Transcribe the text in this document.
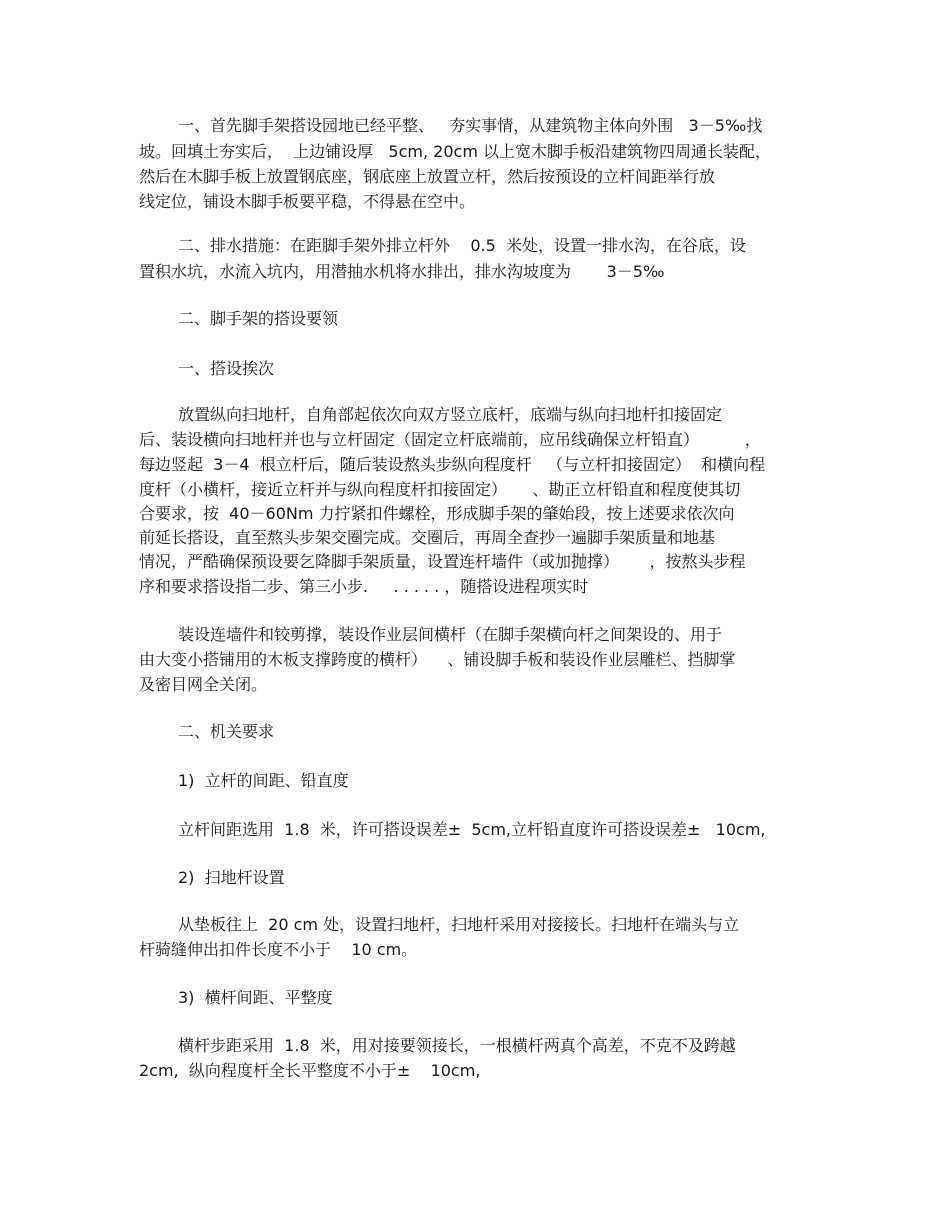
一、首先脚手架搭设园地已经平整、   夯实事情，从建筑物主体向外围   3－5‰找
坡。回填土夯实后，  上边铺设厚   5cm, 20cm 以上宽木脚手板沿建筑物四周通长装配，
然后在木脚手板上放置钢底座，钢底座上放置立杆，然后按预设的立杆间距举行放
线定位，铺设木脚手板要平稳，不得悬在空中。
二、排水措施：在距脚手架外排立杆外    0.5  米处，设置一排水沟，在谷底，设
置积水坑，水流入坑内，用潜抽水机将水排出，排水沟坡度为       3－5‰
二、脚手架的搭设要领
一、搭设挨次
放置纵向扫地杆，自角部起依次向双方竖立底杆，底端与纵向扫地杆扣接固定
后、装设横向扫地杆并也与立杆固定（固定立杆底端前，应吊线确保立杆铅直）         ，
每边竖起  3－4  根立杆后，随后装设熬头步纵向程度杆   （与立杆扣接固定）  和横向程
度杆（小横杆，接近立杆并与纵向程度杆扣接固定）     、勘正立杆铅直和程度使其切
合要求，按  40－60Nm 力拧紧扣件螺栓，形成脚手架的肇始段，按上述要求依次向
前延长搭设，直至熬头步架交圈完成。交圈后，再周全查抄一遍脚手架质量和地基
情况，严酷确保预设要乞降脚手架质量，设置连杆墙件（或加抛撑）      ，按熬头步程
序和要求搭设指二步、第三小步.     . . . . . ，随搭设进程项实时
装设连墙件和铰剪撑，装设作业层间横杆（在脚手架横向杆之间架设的、用于
由大变小搭铺用的木板支撑跨度的横杆）    、铺设脚手板和装设作业层雕栏、挡脚掌
及密目网全关闭。
二、机关要求
1)  立杆的间距、铅直度
立杆间距选用  1.8  米，许可搭设误差±  5cm,立杆铅直度许可搭设误差±   10cm,
2)  扫地杆设置
从垫板往上  20 cm 处，设置扫地杆，扫地杆采用对接接长。扫地杆在端头与立
杆骑缝伸出扣件长度不小于    10 cm。
3)  横杆间距、平整度
横杆步距采用  1.8  米，用对接要领接长，一根横杆两真个高差，不克不及跨越
2cm,  纵向程度杆全长平整度不小于±    10cm,
